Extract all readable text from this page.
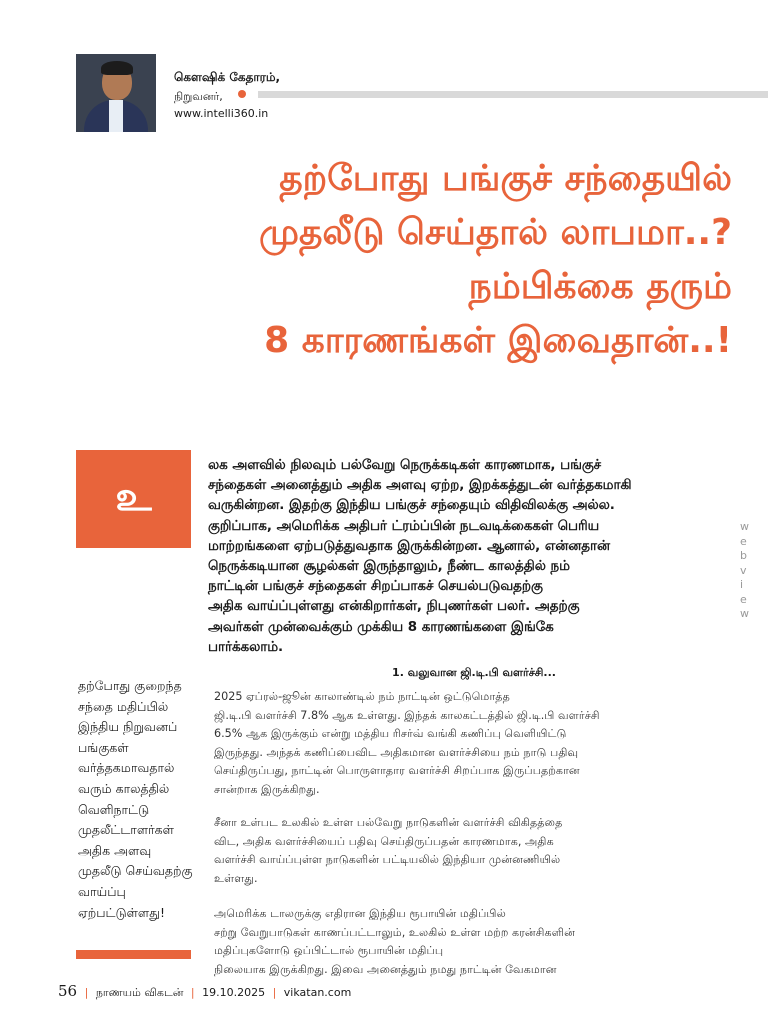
கௌஷிக் கேதாரம்,
நிறுவனர்,
www.intelli360.in
தற்போது பங்குச் சந்தையில்
முதலீடு செய்தால் லாபமா..?
நம்பிக்கை தரும்
8 காரணங்கள் இவைதான்..!
உ
லக அளவில் நிலவும் பல்வேறு நெருக்கடிகள் காரணமாக, பங்குச்
சந்தைகள் அனைத்தும் அதிக அளவு ஏற்ற, இறக்கத்துடன் வர்த்தகமாகி
வருகின்றன. இதற்கு இந்திய பங்குச் சந்தையும் விதிவிலக்கு அல்ல.
குறிப்பாக, அமெரிக்க அதிபர் ட்ரம்ப்பின் நடவடிக்கைகள் பெரிய
மாற்றங்களை ஏற்படுத்துவதாக இருக்கின்றன. ஆனால், என்னதான்
நெருக்கடியான சூழல்கள் இருந்தாலும், நீண்ட காலத்தில் நம்
நாட்டின் பங்குச் சந்தைகள் சிறப்பாகச் செயல்படுவதற்கு
அதிக வாய்ப்புள்ளது என்கிறார்கள், நிபுணர்கள் பலர். அதற்கு
அவர்கள் முன்வைக்கும் முக்கிய 8 காரணங்களை இங்கே
பார்க்கலாம்.
w
e
b
v
i
e
w
தற்போது குறைந்த
சந்தை மதிப்பில்
இந்திய நிறுவனப்
பங்குகள்
வர்த்தகமாவதால்
வரும் காலத்தில்
வெளிநாட்டு
முதலீட்டாளர்கள்
அதிக அளவு
முதலீடு செய்வதற்கு
வாய்ப்பு
ஏற்பட்டுள்ளது!
1. வலுவான ஜி.டி.பி வளர்ச்சி...
2025 ஏப்ரல்-ஜூன் காலாண்டில் நம் நாட்டின் ஒட்டுமொத்த
ஜி.டி.பி வளர்ச்சி 7.8% ஆக உள்ளது. இந்தக் காலகட்டத்தில் ஜி.டி.பி வளர்ச்சி
6.5% ஆக இருக்கும் என்று மத்திய ரிசர்வ் வங்கி கணிப்பு வெளியிட்டு
இருந்தது. அந்தக் கணிப்பைவிட அதிகமான வளர்ச்சியை நம் நாடு பதிவு
செய்திருப்பது, நாட்டின் பொருளாதார வளர்ச்சி சிறப்பாக இருப்பதற்கான
சான்றாக இருக்கிறது.
சீனா உள்பட உலகில் உள்ள பல்வேறு நாடுகளின் வளர்ச்சி விகிதத்தை
விட, அதிக வளர்ச்சியைப் பதிவு செய்திருப்பதன் காரணமாக, அதிக
வளர்ச்சி வாய்ப்புள்ள நாடுகளின் பட்டியலில் இந்தியா முன்னணியில்
உள்ளது.
அமெரிக்க டாலருக்கு எதிரான இந்திய ரூபாயின் மதிப்பில்
சற்று வேறுபாடுகள் காணப்பட்டாலும், உலகில் உள்ள மற்ற கரன்சிகளின்
மதிப்புகளோடு ஒப்பிட்டால் ரூபாயின் மதிப்பு
நிலையாக இருக்கிறது. இவை அனைத்தும் நமது நாட்டின் வேகமான
56 | நாணயம் விகடன் | 19.10.2025 | vikatan.com
